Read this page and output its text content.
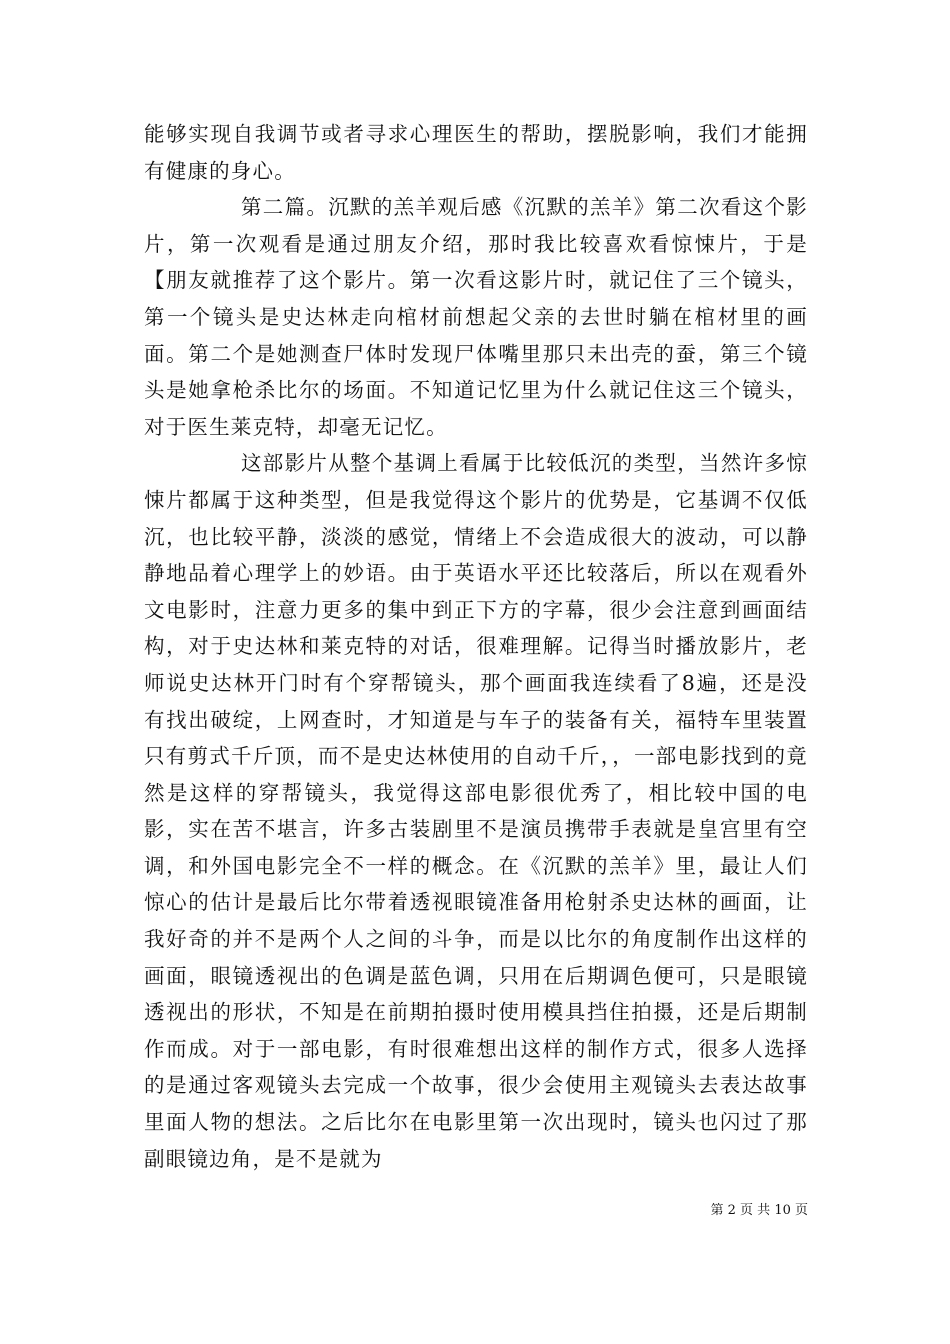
能够实现自我调节或者寻求心理医生的帮助，摆脱影响，我们才能拥有健康的身心。

第二篇。沉默的羔羊观后感《沉默的羔羊》第二次看这个影片，第一次观看是通过朋友介绍，那时我比较喜欢看惊悚片，于是【朋友就推荐了这个影片。第一次看这影片时，就记住了三个镜头，第一个镜头是史达林走向棺材前想起父亲的去世时躺在棺材里的画面。第二个是她测查尸体时发现尸体嘴里那只未出壳的蚕，第三个镜头是她拿枪杀比尔的场面。不知道记忆里为什么就记住这三个镜头，对于医生莱克特，却毫无记忆。

这部影片从整个基调上看属于比较低沉的类型，当然许多惊悚片都属于这种类型，但是我觉得这个影片的优势是，它基调不仅低沉，也比较平静，淡淡的感觉，情绪上不会造成很大的波动，可以静静地品着心理学上的妙语。由于英语水平还比较落后，所以在观看外文电影时，注意力更多的集中到正下方的字幕，很少会注意到画面结构，对于史达林和莱克特的对话，很难理解。记得当时播放影片，老师说史达林开门时有个穿帮镜头，那个画面我连续看了8遍，还是没有找出破绽，上网查时，才知道是与车子的装备有关，福特车里装置只有剪式千斤顶，而不是史达林使用的自动千斤，，一部电影找到的竟然是这样的穿帮镜头，我觉得这部电影很优秀了，相比较中国的电影，实在苦不堪言，许多古装剧里不是演员携带手表就是皇宫里有空调，和外国电影完全不一样的概念。在《沉默的羔羊》里，最让人们惊心的估计是最后比尔带着透视眼镜准备用枪射杀史达林的画面，让我好奇的并不是两个人之间的斗争，而是以比尔的角度制作出这样的画面，眼镜透视出的色调是蓝色调，只用在后期调色便可，只是眼镜透视出的形状，不知是在前期拍摄时使用模具挡住拍摄，还是后期制作而成。对于一部电影，有时很难想出这样的制作方式，很多人选择的是通过客观镜头去完成一个故事，很少会使用主观镜头去表达故事里面人物的想法。之后比尔在电影里第一次出现时，镜头也闪过了那副眼镜边角，是不是就为

第 2 页 共 10 页
